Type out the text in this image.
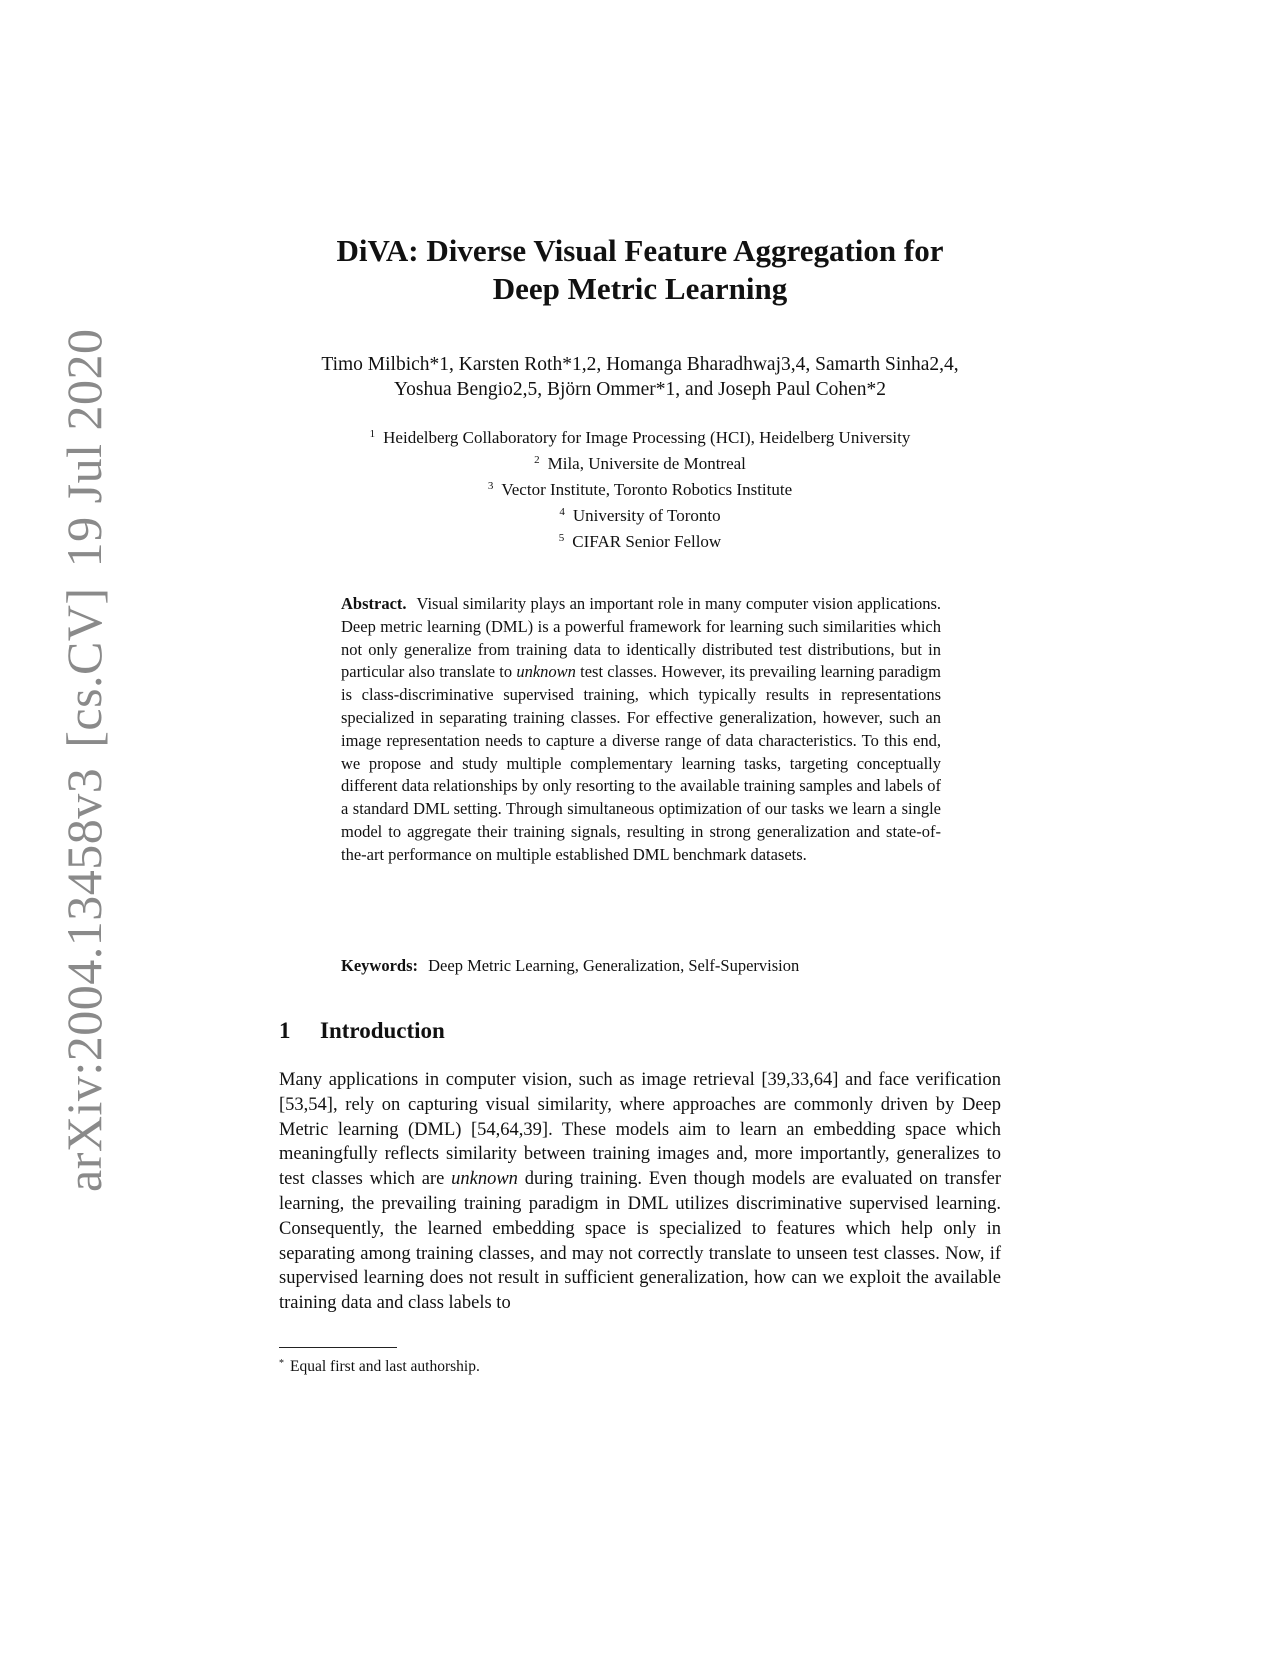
arXiv:2004.13458v3[cs.CV]19 Jul 2020
DiVA: Diverse Visual Feature Aggregation for
Deep Metric Learning
Timo Milbich*1, Karsten Roth*1,2, Homanga Bharadhwaj3,4, Samarth Sinha2,4,
Yoshua Bengio2,5, Björn Ommer*1, and Joseph Paul Cohen*2
$^1$ Heidelberg Collaboratory for Image Processing (HCI), Heidelberg University
$^2$ Mila, Universite de Montreal
$^3$ Vector Institute, Toronto Robotics Institute
$^4$ University of Toronto
$^5$ CIFAR Senior Fellow
Abstract. Visual similarity plays an important role in many computer vision applications. Deep metric learning (DML) is a powerful framework for learning such similarities which not only generalize from training data to identically distributed test distributions, but in particular also translate to unknown test classes. However, its prevailing learning paradigm is class-discriminative supervised training, which typically results in representations specialized in separating training classes. For effective generalization, however, such an image representation needs to capture a diverse range of data characteristics. To this end, we propose and study multiple complementary learning tasks, targeting conceptually different data relationships by only resorting to the available training samples and labels of a standard DML setting. Through simultaneous optimization of our tasks we learn a single model to aggregate their training signals, resulting in strong generalization and state-of-the-art performance on multiple established DML benchmark datasets.
Keywords: Deep Metric Learning, Generalization, Self-Supervision
1 Introduction
Many applications in computer vision, such as image retrieval [39,33,64] and face verification [53,54], rely on capturing visual similarity, where approaches are commonly driven by Deep Metric learning (DML) [54,64,39]. These models aim to learn an embedding space which meaningfully reflects similarity between training images and, more importantly, generalizes to test classes which are unknown during training. Even though models are evaluated on transfer learning, the prevailing training paradigm in DML utilizes discriminative supervised learning. Consequently, the learned embedding space is specialized to features which help only in separating among training classes, and may not correctly translate to unseen test classes. Now, if supervised learning does not result in sufficient generalization, how can we exploit the available training data and class labels to
* Equal first and last authorship.
